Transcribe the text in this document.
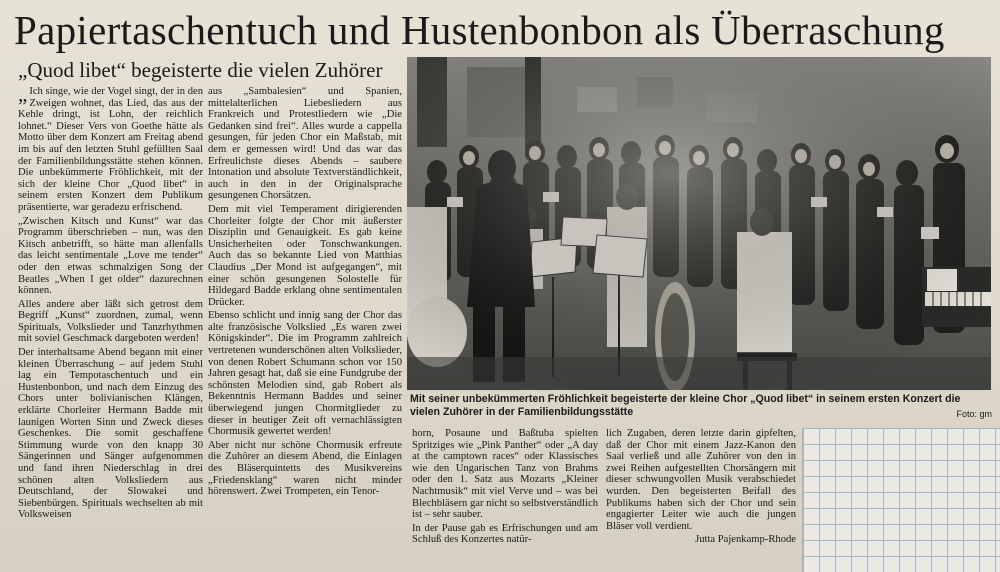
Papiertaschentuch und Hustenbonbon als Überraschung
„Quod libet“ begeisterte die vielen Zuhörer

„ Ich singe, wie der Vogel singt, der in den Zweigen wohnet, das Lied, das aus der Kehle dringt, ist Lohn, der reichlich lohnet.“ Dieser Vers von Goethe hätte als Motto über dem Konzert am Freitag abend im bis auf den letzten Stuhl gefüllten Saal der Familienbildungsstätte stehen können. Die unbekümmerte Fröhlichkeit, mit der sich der kleine Chor „Quod libet“ in seinem ersten Konzert dem Publikum präsentierte, war geradezu erfrischend.

„Zwischen Kitsch und Kunst“ war das Programm überschrieben – nun, was den Kitsch anbetrifft, so hätte man allenfalls das leicht sentimentale „Love me tender“ oder den etwas schmalzigen Song der Beatles „When I get older“ dazurechnen können.

Alles andere aber läßt sich getrost dem Begriff „Kunst“ zuordnen, zumal, wenn Spirituals, Volkslieder und Tanzrhythmen mit soviel Geschmack dargeboten werden!

Der interhaltsame Abend begann mit einer kleinen Überraschung – auf jedem Stuhl lag ein Tempotaschentuch und ein Hustenbonbon, und nach dem Einzug des Chors unter bolivianischen Klängen, erklärte Chorleiter Hermann Badde mit launigen Worten Sinn und Zweck dieses Geschenkes. Die somit geschaffene Stimmung wurde von den knapp 30 Sängerinnen und Sänger aufgenommen und fand ihren Niederschlag in drei schönen alten Volksliedern aus Deutschland, der Slowakei und Siebenbürgen. Spirituals wechselten ab mit Volksweisen

aus „Sambalesien“ und Spanien, mittelalterlichen Liebesliedern aus Frankreich und Protestliedern wie „Die Gedanken sind frei“. Alles wurde a cappella gesungen, für jeden Chor ein Maßstab, mit dem er gemessen wird! Und das war das Erfreulichste dieses Abends – saubere Intonation und absolute Textverständlichkeit, auch in den in der Originalsprache gesungenen Chorsätzen.

Dem mit viel Temperament dirigierenden Chorleiter folgte der Chor mit äußerster Disziplin und Genauigkeit. Es gab keine Unsicherheiten oder Tonschwankungen. Auch das so bekannte Lied von Matthias Claudius „Der Mond ist aufgegangen“, mit einer schön gesungenen Solostelle für Hildegard Badde erklang ohne sentimentalen Drücker.

Ebenso schlicht und innig sang der Chor das alte französische Volkslied „Es waren zwei Königskinder“. Die im Programm zahlreich vertretenen wunderschönen alten Volkslieder, von denen Robert Schumann schon vor 150 Jahren gesagt hat, daß sie eine Fundgrube der schönsten Melodien sind, gab Robert als Bekenntnis Hermann Baddes und seiner überwiegend jungen Chormitglieder zu dieser in heutiger Zeit oft vernachlässigten Chormusik gewertet werden!

Aber nicht nur schöne Chormusik erfreute die Zuhörer an diesem Abend, die Einlagen des Bläserquintetts des Musikvereins „Friedensklang“ waren nicht minder hörenswert. Zwei Trompeten, ein Tenor-

Mit seiner unbekümmerten Fröhlichkeit begeisterte der kleine Chor „Quod libet“ in seinem ersten Konzert die vielen Zuhörer in der Familienbildungsstätte	Foto: gm

horn, Posaune und Baßtuba spielten Spritziges wie „Pink Panther“ oder „A day at the camptown races“ oder Klassisches wie den Ungarischen Tanz von Brahms oder den 1. Satz aus Mozarts „Kleiner Nachtmusik“ mit viel Verve und – was bei Blechbläsern gar nicht so selbstverständlich ist – sehr sauber.

In der Pause gab es Erfrischungen und am Schluß des Konzertes natür-

lich Zugaben, deren letzte darin gipfelten, daß der Chor mit einem Jazz-Kanon den Saal verließ und alle Zuhörer von den in zwei Reihen aufgestellten Chorsängern mit dieser schwungvollen Musik verabschiedet wurden. Den begeisterten Beifall des Publikums haben sich der Chor und sein engagierter Leiter wie auch die jungen Bläser voll verdient.

Jutta Pajenkamp-Rhode
